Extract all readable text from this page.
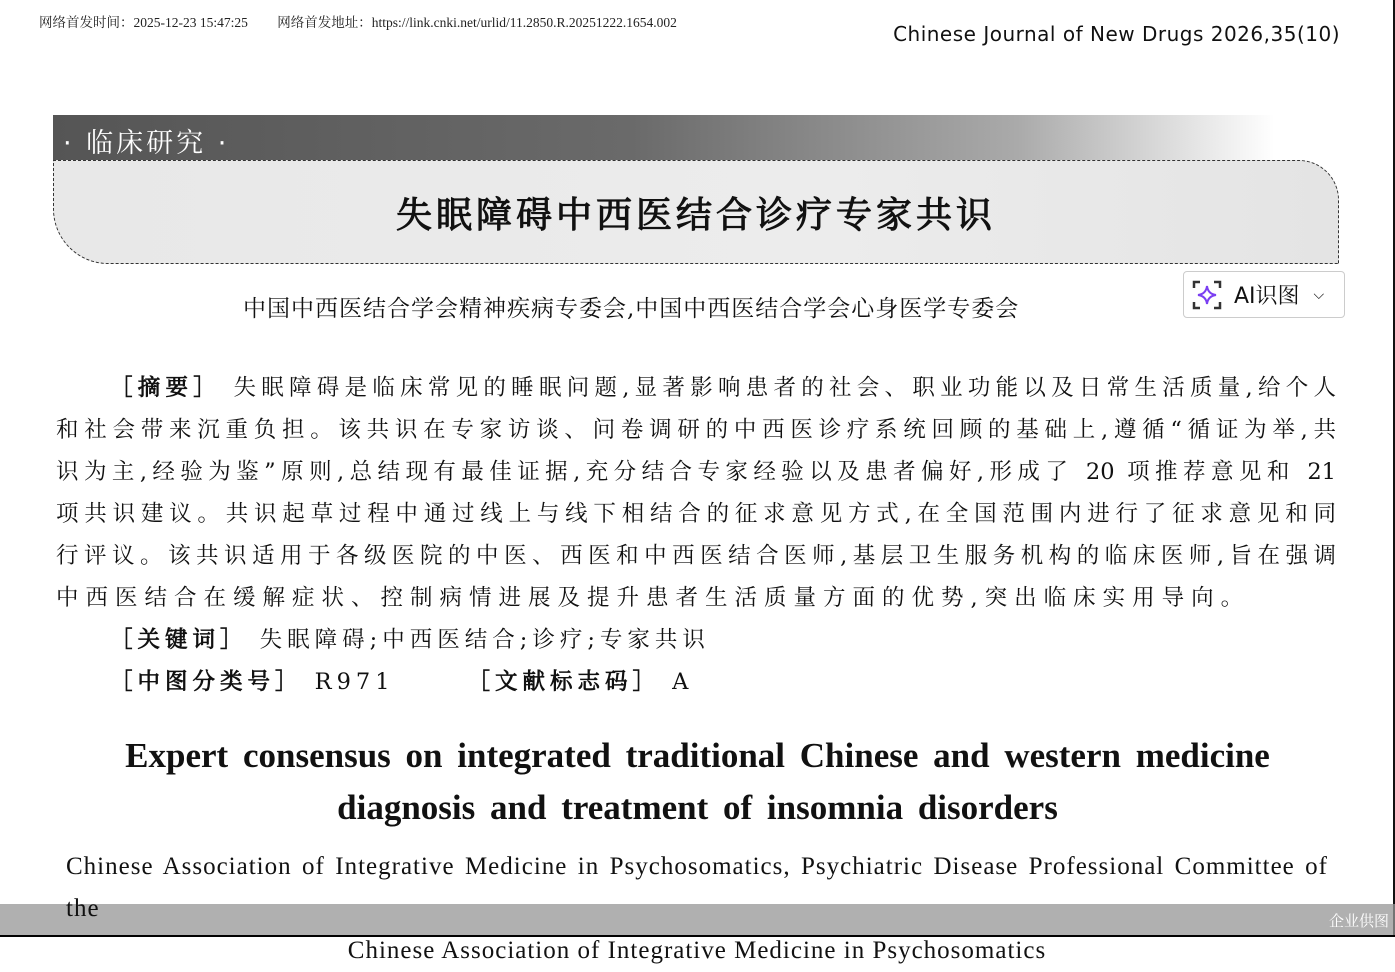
网络首发时间：2025-12-23 15:47:25 网络首发地址：https://link.cnki.net/urlid/11.2850.R.20251222.1654.002	Chinese Journal of New Drugs 2026,35(10)
· 临床研究 ·
失眠障碍中西医结合诊疗专家共识
中国中西医结合学会精神疾病专委会,中国中西医结合学会心身医学专委会	AI识图 ⌵
［摘要］ 失眠障碍是临床常见的睡眠问题,显著影响患者的社会、职业功能以及日常生活质量,给个人
和社会带来沉重负担。该共识在专家访谈、问卷调研的中西医诊疗系统回顾的基础上,遵循“循证为举,共
识为主,经验为鉴”原则,总结现有最佳证据,充分结合专家经验以及患者偏好,形成了 20 项推荐意见和 21
项共识建议。共识起草过程中通过线上与线下相结合的征求意见方式,在全国范围内进行了征求意见和同
行评议。该共识适用于各级医院的中医、西医和中西医结合医师,基层卫生服务机构的临床医师,旨在强调
中西医结合在缓解症状、控制病情进展及提升患者生活质量方面的优势,突出临床实用导向。
［关键词］ 失眠障碍;中西医结合;诊疗;专家共识
［中图分类号］ R971	［文献标志码］ A
Expert consensus on integrated traditional Chinese and western medicine
diagnosis and treatment of insomnia disorders
企业供图
Chinese Association of Integrative Medicine in Psychosomatics, Psychiatric Disease Professional Committee of the
Chinese Association of Integrative Medicine in Psychosomatics
